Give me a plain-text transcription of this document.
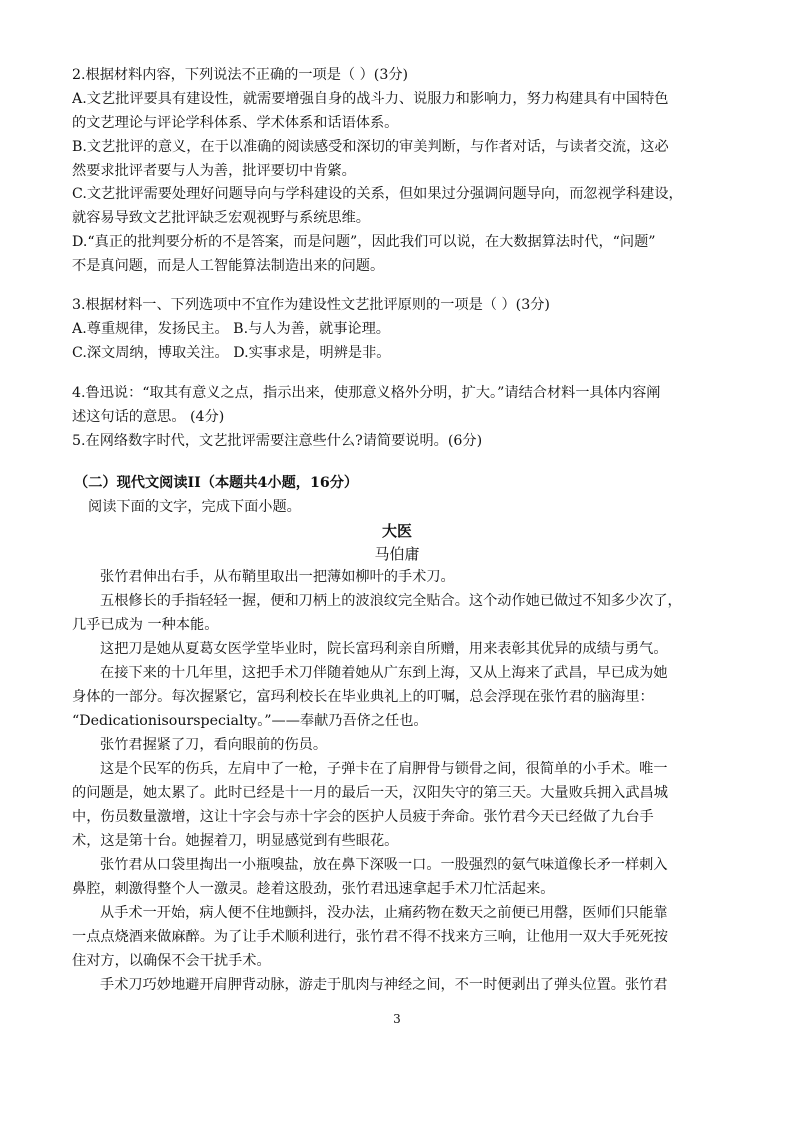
2.根据材料内容，下列说法不正确的一项是（ ）(3分)
A.文艺批评要具有建设性，就需要增强自身的战斗力、说服力和影响力，努力构建具有中国特色
的文艺理论与评论学科体系、学术体系和话语体系。
B.文艺批评的意义，在于以准确的阅读感受和深切的审美判断，与作者对话，与读者交流，这必
然要求批评者要与人为善，批评要切中肯綮。
C.文艺批评需要处理好问题导向与学科建设的关系，但如果过分强调问题导向，而忽视学科建设，
就容易导致文艺批评缺乏宏观视野与系统思维。
D.“真正的批判要分析的不是答案，而是问题”，因此我们可以说，在大数据算法时代，“问题”
不是真问题，而是人工智能算法制造出来的问题。
3.根据材料一、下列选项中不宜作为建设性文艺批评原则的一项是（ ）(3分)
A.尊重规律，发扬民主。 B.与人为善，就事论理。
C.深文周纳，博取关注。 D.实事求是，明辨是非。
4.鲁迅说：“取其有意义之点，指示出来，使那意义格外分明，扩大。”请结合材料一具体内容阐
述这句话的意思。 (4分)
5.在网络数字时代，文艺批评需要注意些什么?请简要说明。(6分)
（二）现代文阅读II（本题共4小题，16分）
阅读下面的文字，完成下面小题。
大医
马伯庸
张竹君伸出右手，从布鞘里取出一把薄如柳叶的手术刀。
五根修长的手指轻轻一握，便和刀柄上的波浪纹完全贴合。这个动作她已做过不知多少次了，
几乎已成为 一种本能。
这把刀是她从夏葛女医学堂毕业时，院长富玛利亲自所赠，用来表彰其优异的成绩与勇气。
在接下来的十几年里，这把手术刀伴随着她从广东到上海，又从上海来了武昌，早已成为她
身体的一部分。每次握紧它，富玛利校长在毕业典礼上的叮嘱，总会浮现在张竹君的脑海里：
“Dedicationisourspecialty。”——奉献乃吾侪之任也。
张竹君握紧了刀，看向眼前的伤员。
这是个民军的伤兵，左肩中了一枪，子弹卡在了肩胛骨与锁骨之间，很简单的小手术。唯一
的问题是，她太累了。此时已经是十一月的最后一天，汉阳失守的第三天。大量败兵拥入武昌城
中，伤员数量激增，这让十字会与赤十字会的医护人员疲于奔命。张竹君今天已经做了九台手
术，这是第十台。她握着刀，明显感觉到有些眼花。
张竹君从口袋里掏出一小瓶嗅盐，放在鼻下深吸一口。一股强烈的氨气味道像长矛一样刺入
鼻腔，刺激得整个人一激灵。趁着这股劲，张竹君迅速拿起手术刀忙活起来。
从手术一开始，病人便不住地颤抖，没办法，止痛药物在数天之前便已用罄，医师们只能靠
一点点烧酒来做麻醉。为了让手术顺利进行，张竹君不得不找来方三响，让他用一双大手死死按
住对方，以确保不会干扰手术。
手术刀巧妙地避开肩胛背动脉，游走于肌肉与神经之间，不一时便剥出了弹头位置。张竹君
3
